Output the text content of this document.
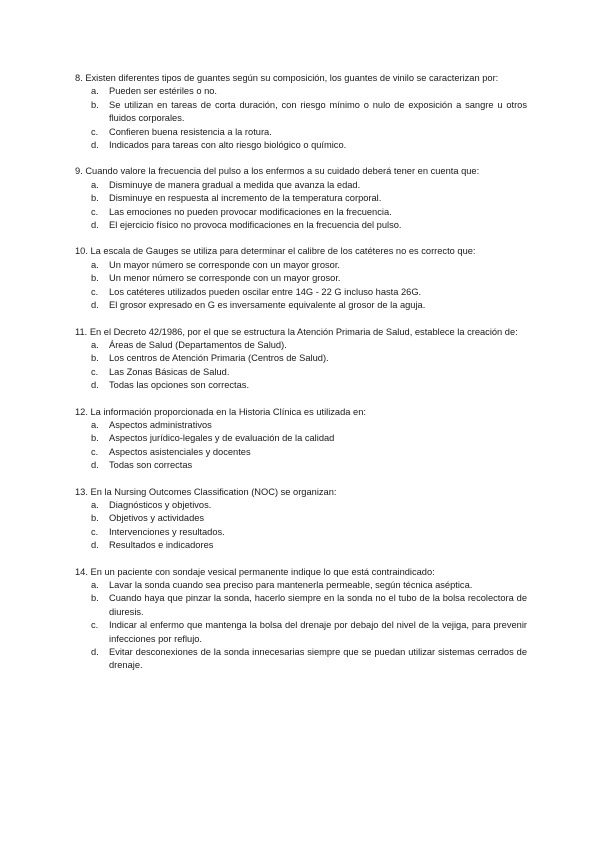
8. Existen diferentes tipos de guantes según su composición, los guantes de vinilo se caracterizan por:
a. Pueden ser estériles o no.
b. Se utilizan en tareas de corta duración, con riesgo mínimo o nulo de exposición a sangre u otros fluidos corporales.
c. Confieren buena resistencia a la rotura.
d. Indicados para tareas con alto riesgo biológico o químico.
9. Cuando valore la frecuencia del pulso a los enfermos a su cuidado deberá tener en cuenta que:
a. Disminuye de manera gradual a medida que avanza la edad.
b. Disminuye en respuesta al incremento de la temperatura corporal.
c. Las emociones no pueden provocar modificaciones en la frecuencia.
d. El ejercicio físico no provoca modificaciones en la frecuencia del pulso.
10. La escala de Gauges se utiliza para determinar el calibre de los catéteres no es correcto que:
a. Un mayor número se corresponde con un mayor grosor.
b. Un menor número se corresponde con un mayor grosor.
c. Los catéteres utilizados pueden oscilar entre 14G - 22 G incluso hasta 26G.
d. El grosor expresado en G es inversamente equivalente al grosor de la aguja.
11. En el Decreto 42/1986, por el que se estructura la Atención Primaria de Salud, establece la creación de:
a. Áreas de Salud (Departamentos de Salud).
b. Los centros de Atención Primaria (Centros de Salud).
c. Las Zonas Básicas de Salud.
d. Todas las opciones son correctas.
12. La información proporcionada en la Historia Clínica es utilizada en:
a. Aspectos administrativos
b. Aspectos jurídico-legales y de evaluación de la calidad
c. Aspectos asistenciales y docentes
d. Todas son correctas
13. En la Nursing Outcomes Classification (NOC) se organizan:
a. Diagnósticos y objetivos.
b. Objetivos y actividades
c. Intervenciones y resultados.
d. Resultados e indicadores
14. En un paciente con sondaje vesical permanente indique lo que está contraindicado:
a. Lavar la sonda cuando sea preciso para mantenerla permeable, según técnica aséptica.
b. Cuando haya que pinzar la sonda, hacerlo siempre en la sonda no el tubo de la bolsa recolectora de diuresis.
c. Indicar al enfermo que mantenga la bolsa del drenaje por debajo del nivel de la vejiga, para prevenir infecciones por reflujo.
d. Evitar desconexiones de la sonda innecesarias siempre que se puedan utilizar sistemas cerrados de drenaje.
